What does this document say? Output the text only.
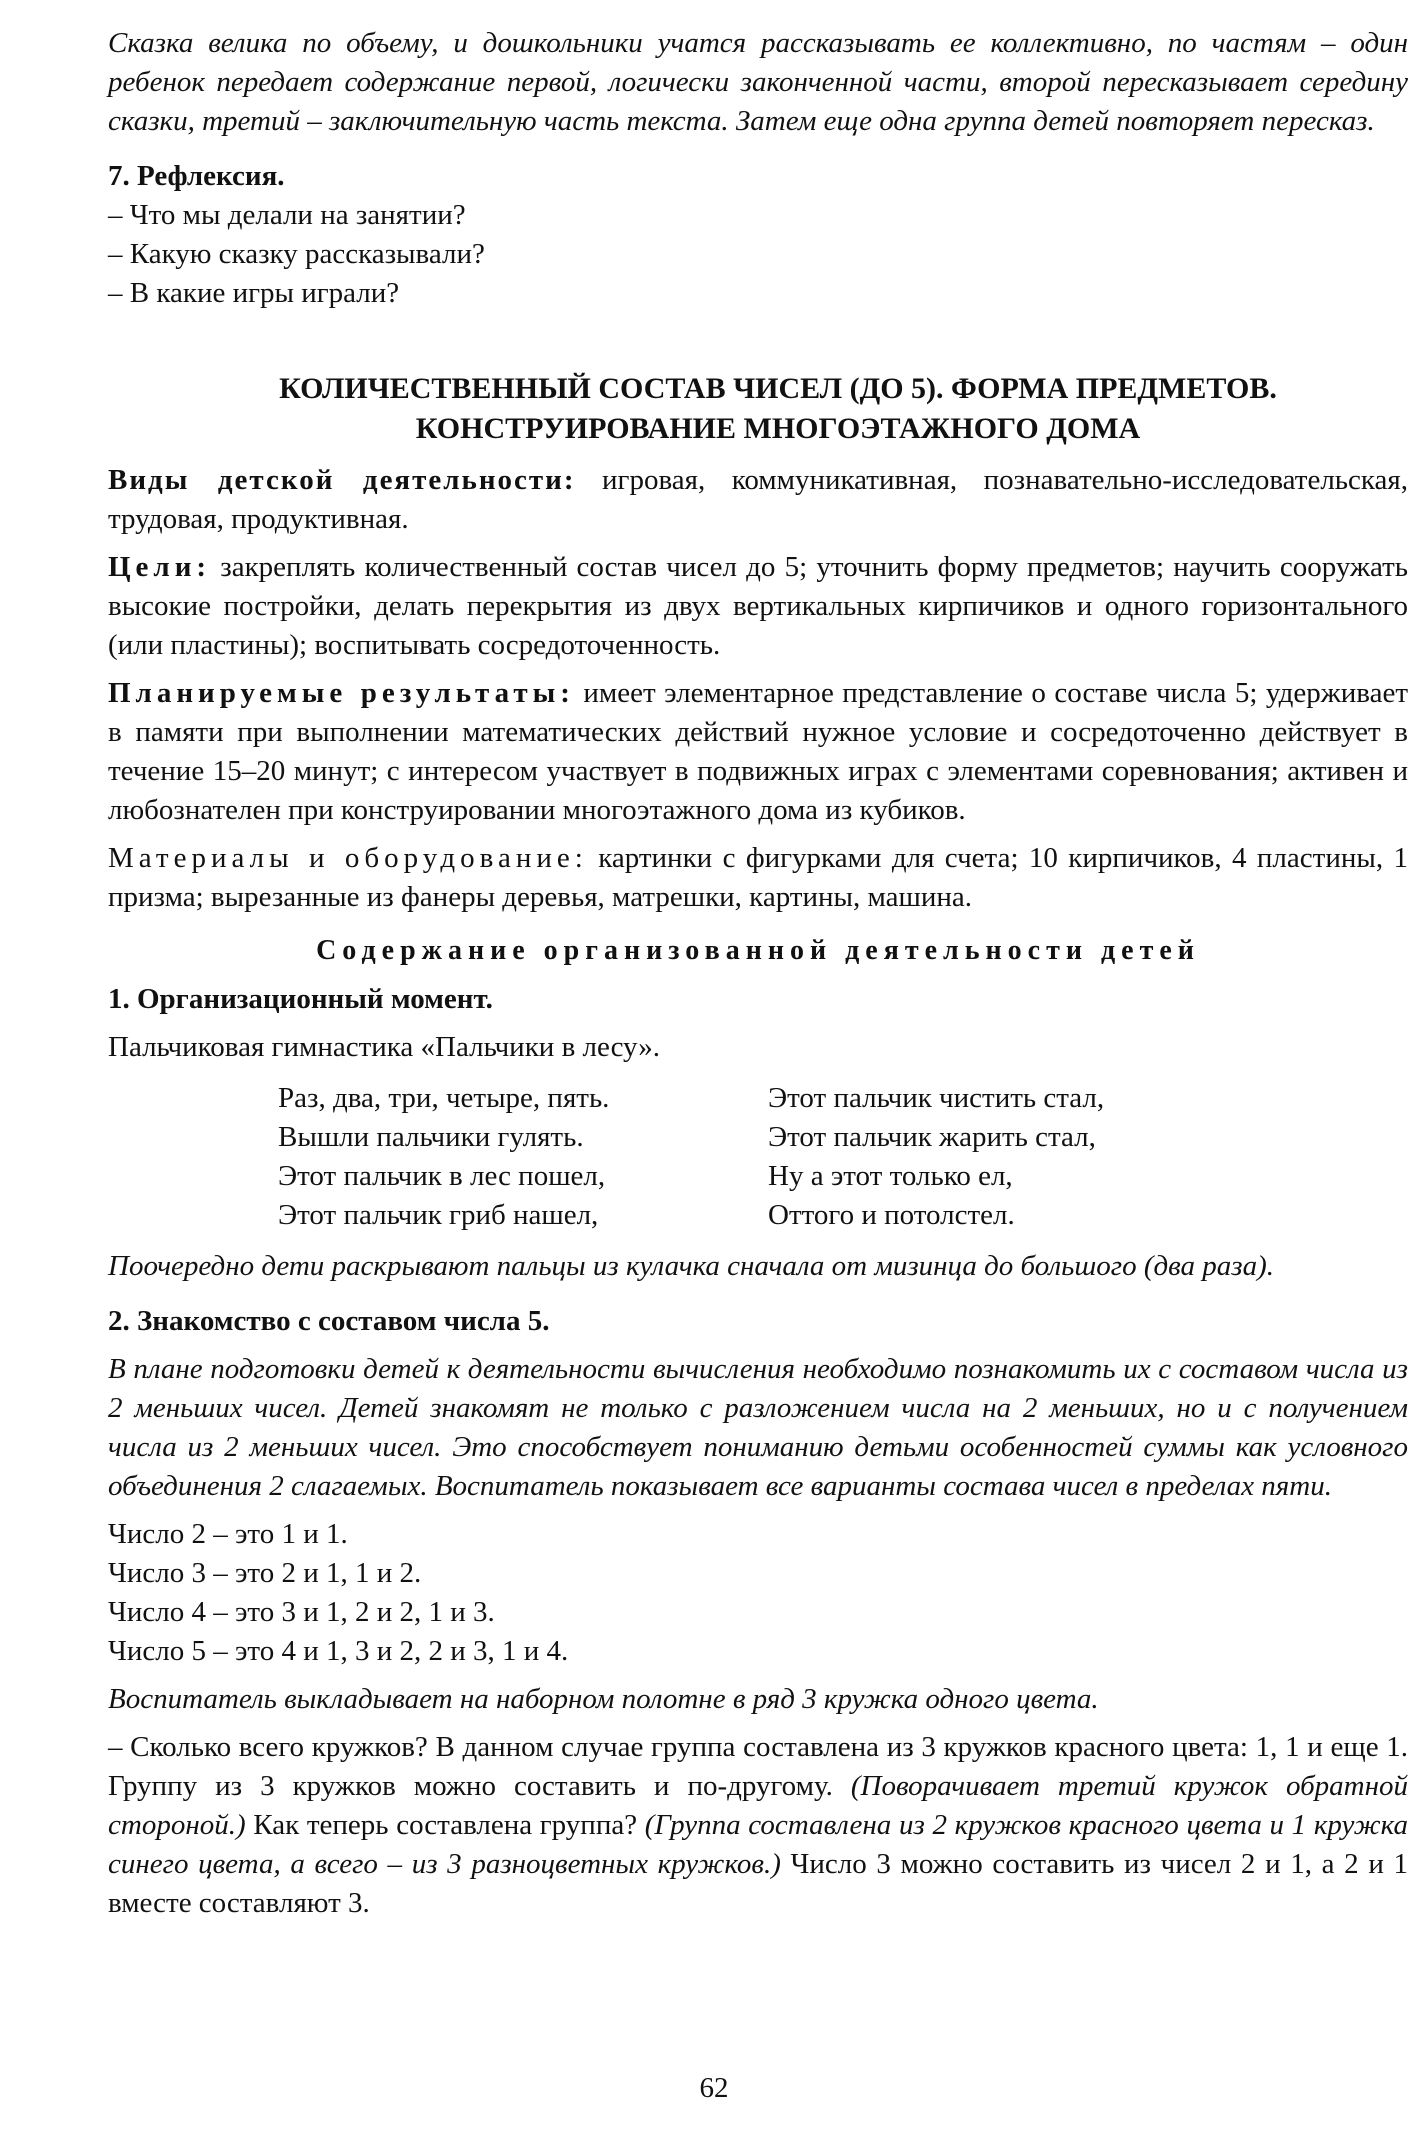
Сказка велика по объему, и дошкольники учатся рассказывать ее коллективно, по частям – один ребенок передает содержание первой, логически законченной части, второй пересказывает середину сказки, третий – заключительную часть текста. Затем еще одна группа детей повторяет пересказ.

7. Рефлексия.

– Что мы делали на занятии?

– Какую сказку рассказывали?

– В какие игры играли?

КОЛИЧЕСТВЕННЫЙ СОСТАВ ЧИСЕЛ (ДО 5). ФОРМА ПРЕДМЕТОВ.
КОНСТРУИРОВАНИЕ МНОГОЭТАЖНОГО ДОМА

Виды детской деятельности: игровая, коммуникативная, познавательно-исследовательская, трудовая, продуктивная.

Цели: закреплять количественный состав чисел до 5; уточнить форму предметов; научить сооружать высокие постройки, делать перекрытия из двух вертикальных кирпичиков и одного горизонтального (или пластины); воспитывать сосредоточенность.

Планируемые результаты: имеет элементарное представление о составе числа 5; удерживает в памяти при выполнении математических действий нужное условие и сосредоточенно действует в течение 15–20 минут; с интересом участвует в подвижных играх с элементами соревнования; активен и любознателен при конструировании многоэтажного дома из кубиков.

Материалы и оборудование: картинки с фигурками для счета; 10 кирпичиков, 4 пластины, 1 призма; вырезанные из фанеры деревья, матрешки, картины, машина.

Содержание организованной деятельности детей

1. Организационный момент.

Пальчиковая гимнастика «Пальчики в лесу».

Раз, два, три, четыре, пять.
Вышли пальчики гулять.
Этот пальчик в лес пошел,
Этот пальчик гриб нашел,
Этот пальчик чистить стал,
Этот пальчик жарить стал,
Ну а этот только ел,
Оттого и потолстел.

Поочередно дети раскрывают пальцы из кулачка сначала от мизинца до большого (два раза).

2. Знакомство с составом числа 5.

В плане подготовки детей к деятельности вычисления необходимо познакомить их с составом числа из 2 меньших чисел. Детей знакомят не только с разложением числа на 2 меньших, но и с получением числа из 2 меньших чисел. Это способствует пониманию детьми особенностей суммы как условного объединения 2 слагаемых. Воспитатель показывает все варианты состава чисел в пределах пяти.

Число 2 – это 1 и 1.

Число 3 – это 2 и 1, 1 и 2.

Число 4 – это 3 и 1, 2 и 2, 1 и 3.

Число 5 – это 4 и 1, 3 и 2, 2 и 3, 1 и 4.

Воспитатель выкладывает на наборном полотне в ряд 3 кружка одного цвета.

– Сколько всего кружков? В данном случае группа составлена из 3 кружков красного цвета: 1, 1 и еще 1. Группу из 3 кружков можно составить и по-другому. (Поворачивает третий кружок обратной стороной.) Как теперь составлена группа? (Группа составлена из 2 кружков красного цвета и 1 кружка синего цвета, а всего – из 3 разноцветных кружков.) Число 3 можно составить из чисел 2 и 1, а 2 и 1 вместе составляют 3.

62
